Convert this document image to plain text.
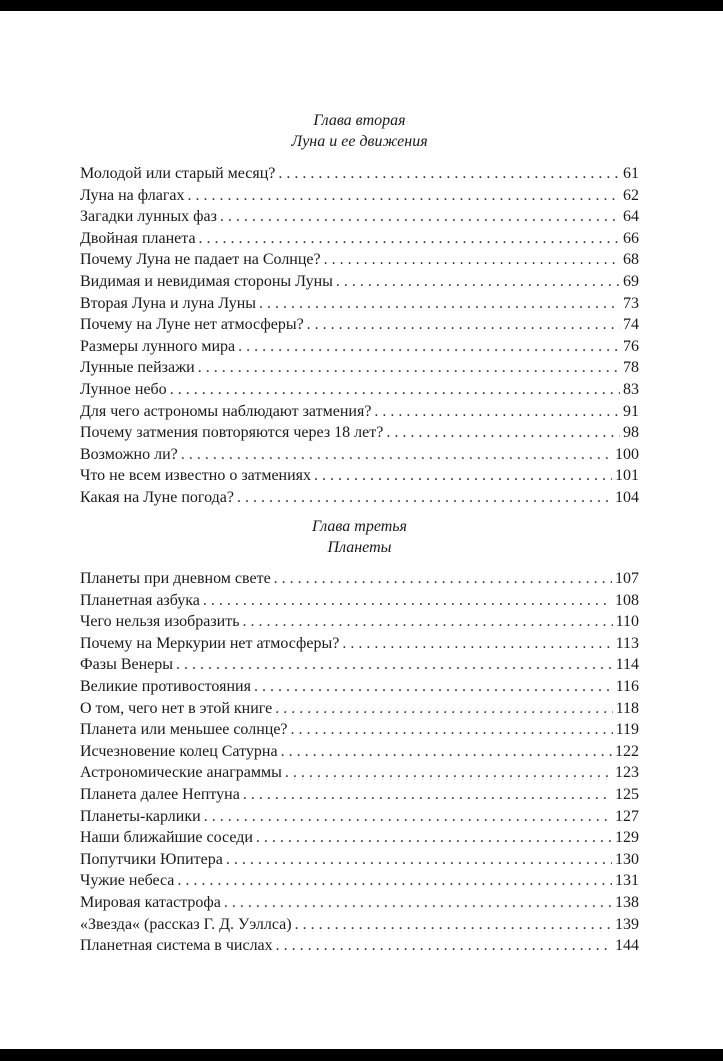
Глава вторая
Луна и ее движения
Молодой или старый месяц? . . .	61
Луна на флагах . . .	62
Загадки лунных фаз . . .	64
Двойная планета . . .	66
Почему Луна не падает на Солнце? . . .	68
Видимая и невидимая стороны Луны . . .	69
Вторая Луна и луна Луны . . .	73
Почему на Луне нет атмосферы? . . .	74
Размеры лунного мира . . .	76
Лунные пейзажи . . .	78
Лунное небо . . .	83
Для чего астрономы наблюдают затмения? . . .	91
Почему затмения повторяются через 18 лет? . . .	98
Возможно ли? . . .	100
Что не всем известно о затмениях . . .	101
Какая на Луне погода? . . .	104
Глава третья
Планеты
Планеты при дневном свете . . .	107
Планетная азбука . . .	108
Чего нельзя изобразить . . .	110
Почему на Меркурии нет атмосферы? . . .	113
Фазы Венеры . . .	114
Великие противостояния . . .	116
О том, чего нет в этой книге . . .	118
Планета или меньшее солнце? . . .	119
Исчезновение колец Сатурна . . .	122
Астрономические анаграммы . . .	123
Планета далее Нептуна . . .	125
Планеты-карлики . . .	127
Наши ближайшие соседи . . .	129
Попутчики Юпитера . . .	130
Чужие небеса . . .	131
Мировая катастрофа . . .	138
«Звезда« (рассказ Г. Д. Уэллса) . . .	139
Планетная система в числах . . .	144
